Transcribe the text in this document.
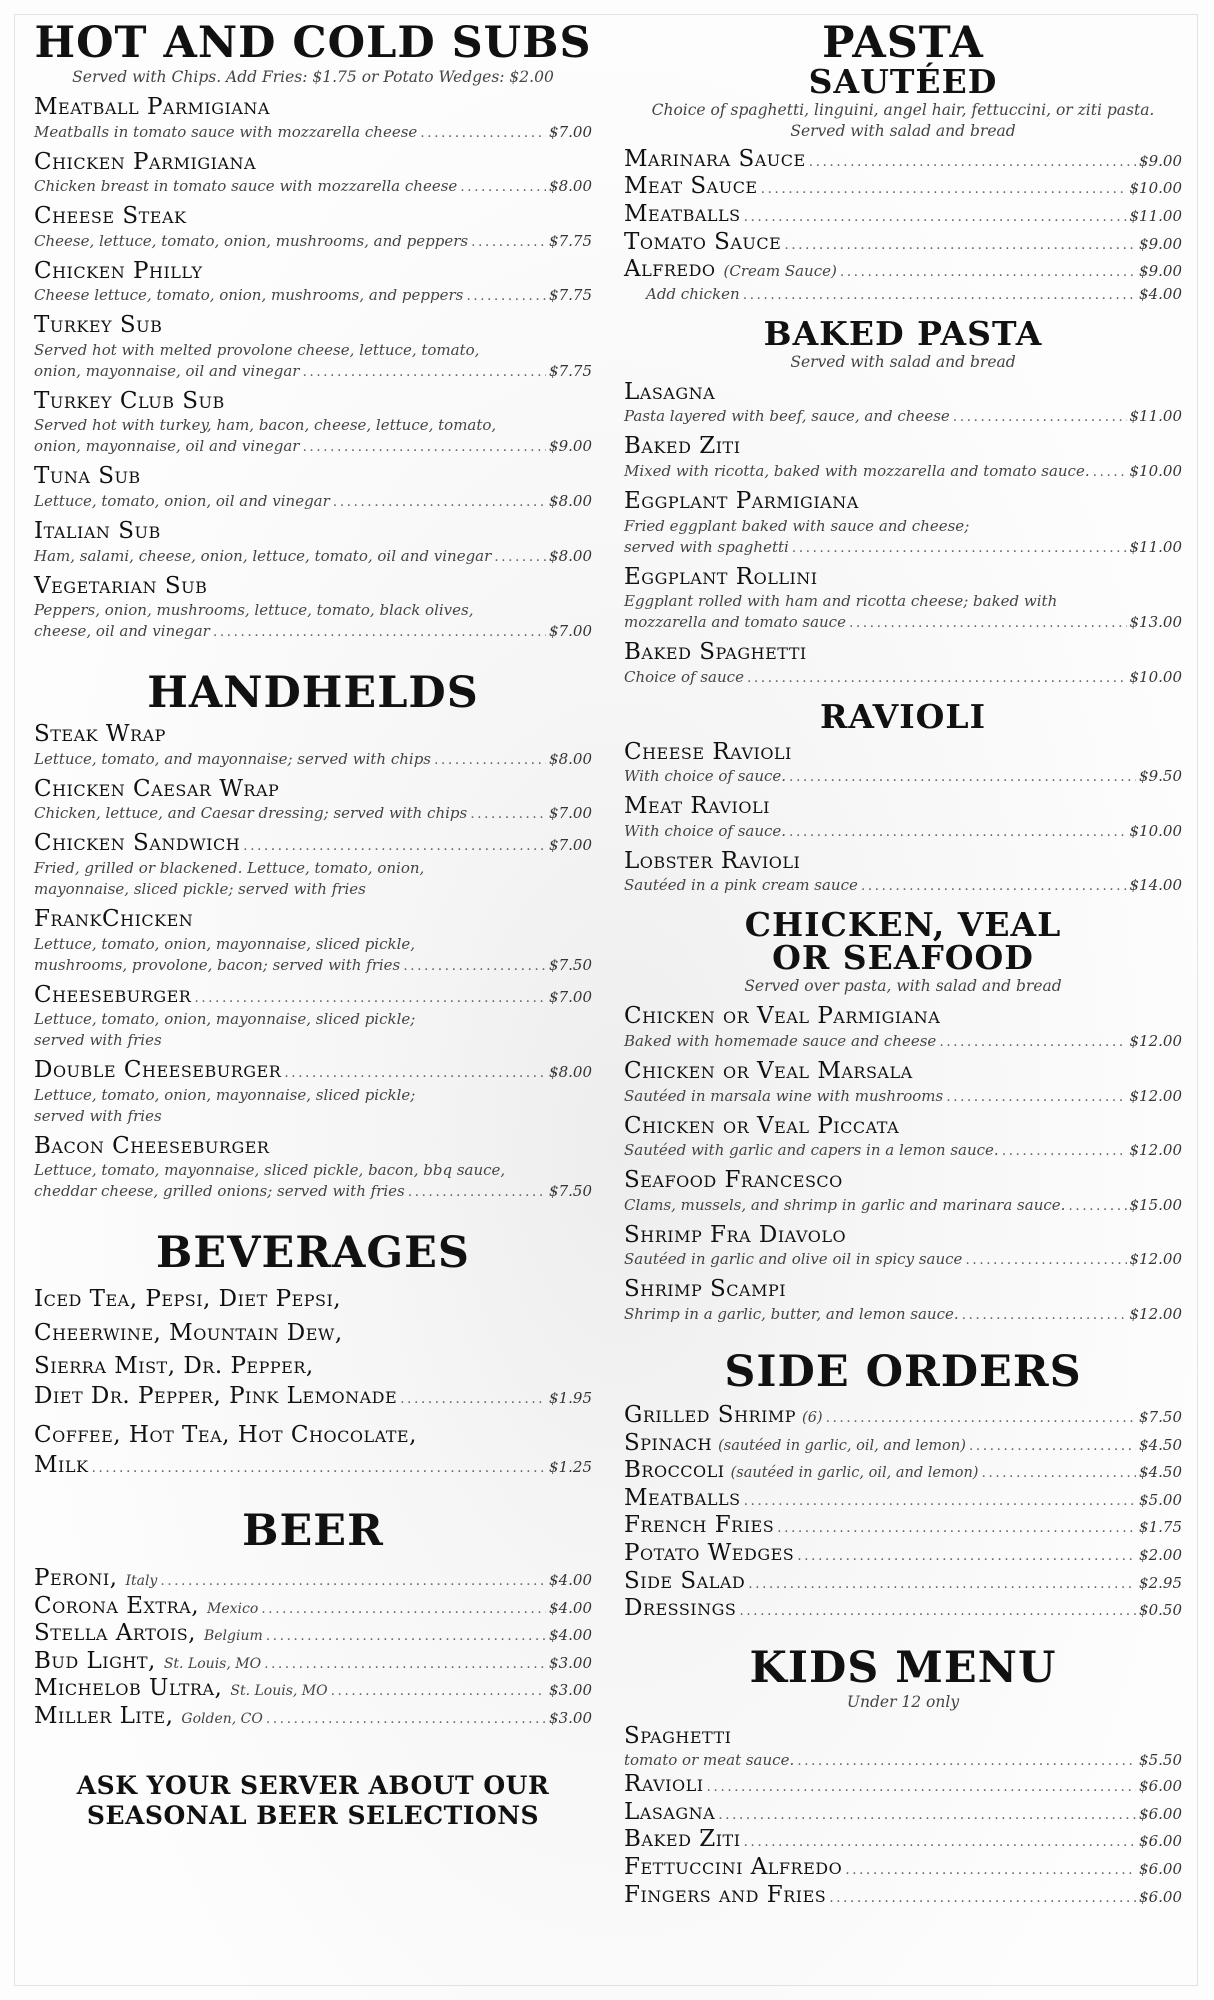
HOT AND COLD SUBS
Served with Chips. Add Fries: $1.75 or Potato Wedges: $2.00
Meatball Parmigiana
Meatballs in tomato sauce with mozzarella cheese . . .	$7.00
Chicken Parmigiana
Chicken breast in tomato sauce with mozzarella cheese . . .	$8.00
Cheese Steak
Cheese, lettuce, tomato, onion, mushrooms, and peppers . . .	$7.75
Chicken Philly
Cheese lettuce, tomato, onion, mushrooms, and peppers . . .	$7.75
Turkey Sub
Served hot with melted provolone cheese, lettuce, tomato,
onion, mayonnaise, oil and vinegar . . .	$7.75
Turkey Club Sub
Served hot with turkey, ham, bacon, cheese, lettuce, tomato,
onion, mayonnaise, oil and vinegar . . .	$9.00
Tuna Sub
Lettuce, tomato, onion, oil and vinegar . . .	$8.00
Italian Sub
Ham, salami, cheese, onion, lettuce, tomato, oil and vinegar . . .	$8.00
Vegetarian Sub
Peppers, onion, mushrooms, lettuce, tomato, black olives,
cheese, oil and vinegar . . .	$7.00
HANDHELDS
Steak Wrap
Lettuce, tomato, and mayonnaise; served with chips . . .	$8.00
Chicken Caesar Wrap
Chicken, lettuce, and Caesar dressing; served with chips . . .	$7.00
Chicken Sandwich . . .	$7.00
Fried, grilled or blackened. Lettuce, tomato, onion,
mayonnaise, sliced pickle; served with fries
FrankChicken
Lettuce, tomato, onion, mayonnaise, sliced pickle,
mushrooms, provolone, bacon; served with fries . . .	$7.50
Cheeseburger . . .	$7.00
Lettuce, tomato, onion, mayonnaise, sliced pickle;
served with fries
Double Cheeseburger . . .	$8.00
Lettuce, tomato, onion, mayonnaise, sliced pickle;
served with fries
Bacon Cheeseburger
Lettuce, tomato, mayonnaise, sliced pickle, bacon, bbq sauce,
cheddar cheese, grilled onions; served with fries . . .	$7.50
BEVERAGES
Iced Tea, Pepsi, Diet Pepsi,
Cheerwine, Mountain Dew,
Sierra Mist, Dr. Pepper,
Diet Dr. Pepper, Pink Lemonade . . .	$1.95
Coffee, Hot Tea, Hot Chocolate,
Milk . . .	$1.25
BEER
Peroni, Italy . . .	$4.00
Corona Extra, Mexico . . .	$4.00
Stella Artois, Belgium . . .	$4.00
Bud Light, St. Louis, MO . . .	$3.00
Michelob Ultra, St. Louis, MO . . .	$3.00
Miller Lite, Golden, CO . . .	$3.00
ASK YOUR SERVER ABOUT OUR
SEASONAL BEER SELECTIONS
PASTA
SAUTÉED
Choice of spaghetti, linguini, angel hair, fettuccini, or ziti pasta.
Served with salad and bread
Marinara Sauce . . .	$9.00
Meat Sauce . . .	$10.00
Meatballs . . .	$11.00
Tomato Sauce . . .	$9.00
Alfredo (Cream Sauce) . . .	$9.00
Add chicken . . .	$4.00
BAKED PASTA
Served with salad and bread
Lasagna
Pasta layered with beef, sauce, and cheese . . .	$11.00
Baked Ziti
Mixed with ricotta, baked with mozzarella and tomato sauce. . . .	$10.00
Eggplant Parmigiana
Fried eggplant baked with sauce and cheese;
served with spaghetti . . .	$11.00
Eggplant Rollini
Eggplant rolled with ham and ricotta cheese; baked with
mozzarella and tomato sauce . . .	$13.00
Baked Spaghetti
Choice of sauce . . .	$10.00
RAVIOLI
Cheese Ravioli
With choice of sauce. . . .	$9.50
Meat Ravioli
With choice of sauce. . . .	$10.00
Lobster Ravioli
Sautéed in a pink cream sauce . . .	$14.00
CHICKEN, VEAL
OR SEAFOOD
Served over pasta, with salad and bread
Chicken or Veal Parmigiana
Baked with homemade sauce and cheese . . .	$12.00
Chicken or Veal Marsala
Sautéed in marsala wine with mushrooms . . .	$12.00
Chicken or Veal Piccata
Sautéed with garlic and capers in a lemon sauce. . . .	$12.00
Seafood Francesco
Clams, mussels, and shrimp in garlic and marinara sauce. . . .	$15.00
Shrimp Fra Diavolo
Sautéed in garlic and olive oil in spicy sauce . . .	$12.00
Shrimp Scampi
Shrimp in a garlic, butter, and lemon sauce. . . .	$12.00
SIDE ORDERS
Grilled Shrimp (6) . . .	$7.50
Spinach (sautéed in garlic, oil, and lemon) . . .	$4.50
Broccoli (sautéed in garlic, oil, and lemon) . . .	$4.50
Meatballs . . .	$5.00
French Fries . . .	$1.75
Potato Wedges . . .	$2.00
Side Salad . . .	$2.95
Dressings . . .	$0.50
KIDS MENU
Under 12 only
Spaghetti
tomato or meat sauce. . . .	$5.50
Ravioli . . .	$6.00
Lasagna . . .	$6.00
Baked Ziti . . .	$6.00
Fettuccini Alfredo . . .	$6.00
Fingers and Fries . . .	$6.00
